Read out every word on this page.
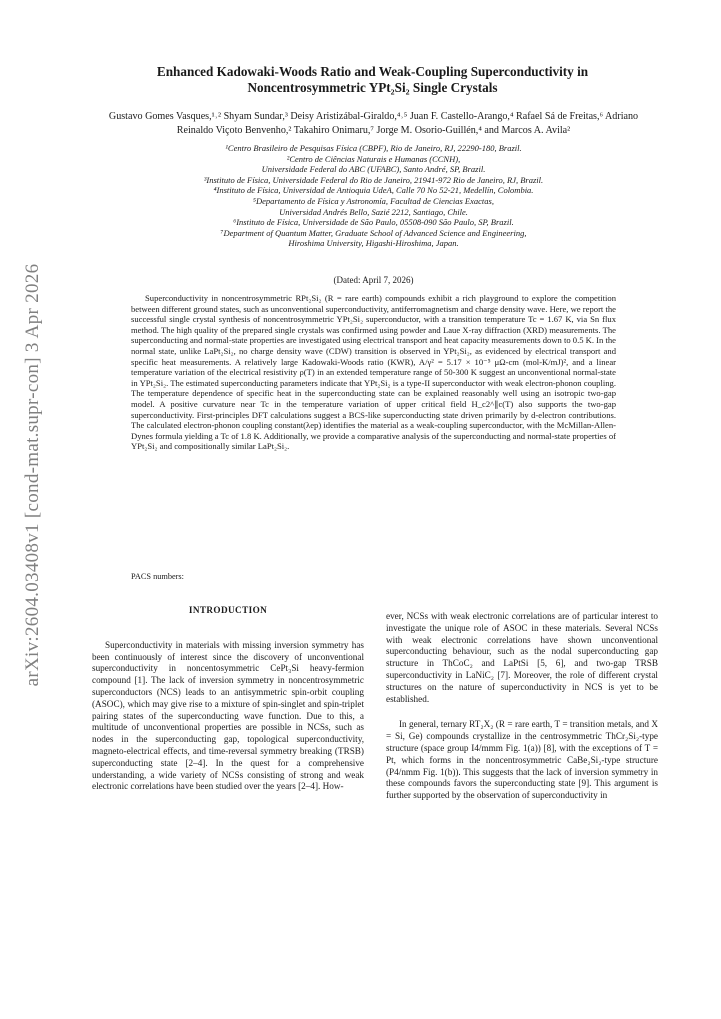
arXiv:2604.03408v1 [cond-mat.supr-con] 3 Apr 2026
Enhanced Kadowaki-Woods Ratio and Weak-Coupling Superconductivity in
Noncentrosymmetric YPt₂Si₂ Single Crystals
Gustavo Gomes Vasques,¹˒² Shyam Sundar,³ Deisy Aristizábal-Giraldo,⁴˒⁵ Juan F. Castello-Arango,⁴ Rafael Sá de Freitas,⁶ Adriano Reinaldo Viçoto Benvenho,² Takahiro Onimaru,⁷ Jorge M. Osorio-Guillén,⁴ and Marcos A. Avila²
¹Centro Brasileiro de Pesquisas Física (CBPF), Rio de Janeiro, RJ, 22290-180, Brazil.
²Centro de Ciências Naturais e Humanas (CCNH),
Universidade Federal do ABC (UFABC), Santo André, SP, Brazil.
³Instituto de Física, Universidade Federal do Rio de Janeiro, 21941-972 Rio de Janeiro, RJ, Brazil.
⁴Instituto de Física, Universidad de Antioquia UdeA, Calle 70 No 52-21, Medellín, Colombia.
⁵Departamento de Física y Astronomía, Facultad de Ciencias Exactas,
Universidad Andrés Bello, Sazié 2212, Santiago, Chile.
⁶Instituto de Física, Universidade de São Paulo, 05508-090 São Paulo, SP, Brazil.
⁷Department of Quantum Matter, Graduate School of Advanced Science and Engineering,
Hiroshima University, Higashi-Hiroshima, Japan.
(Dated: April 7, 2026)
Superconductivity in noncentrosymmetric RPt₂Si₂ (R = rare earth) compounds exhibit a rich playground to explore the competition between different ground states, such as unconventional superconductivity, antiferromagnetism and charge density wave. Here, we report the successful single crystal synthesis of noncentrosymmetric YPt₂Si₂ superconductor, with a transition temperature Tc = 1.67 K, via Sn flux method. The high quality of the prepared single crystals was confirmed using powder and Laue X-ray diffraction (XRD) measurements. The superconducting and normal-state properties are investigated using electrical transport and heat capacity measurements down to 0.5 K. In the normal state, unlike LaPt₂Si₂, no charge density wave (CDW) transition is observed in YPt₂Si₂, as evidenced by electrical transport and specific heat measurements. A relatively large Kadowaki-Woods ratio (KWR), A/γ² = 5.17 × 10⁻⁵ μΩ-cm (mol-K/mJ)², and a linear temperature variation of the electrical resistivity ρ(T) in an extended temperature range of 50-300 K suggest an unconventional normal-state in YPt₂Si₂. The estimated superconducting parameters indicate that YPt₂Si₂ is a type-II superconductor with weak electron-phonon coupling. The temperature dependence of specific heat in the superconducting state can be explained reasonably well using an isotropic two-gap model. A positive curvature near Tc in the temperature variation of upper critical field H_c2^∥c(T) also supports the two-gap superconductivity. First-principles DFT calculations suggest a BCS-like superconducting state driven primarily by d-electron contributions. The calculated electron-phonon coupling constant(λep) identifies the material as a weak-coupling superconductor, with the McMillan-Allen-Dynes formula yielding a Tc of 1.8 K. Additionally, we provide a comparative analysis of the superconducting and normal-state properties of YPt₂Si₂ and compositionally similar LaPt₂Si₂.
PACS numbers:
INTRODUCTION

Superconductivity in materials with missing inversion symmetry has been continuously of interest since the discovery of unconventional superconductivity in noncentosymmetric CePt₃Si heavy-fermion compound [1]. The lack of inversion symmetry in noncentrosymmetric superconductors (NCS) leads to an antisymmetric spin-orbit coupling (ASOC), which may give rise to a mixture of spin-singlet and spin-triplet pairing states of the superconducting wave function. Due to this, a multitude of unconventional properties are possible in NCSs, such as nodes in the superconducting gap, topological superconductivity, magneto-electrical effects, and time-reversal symmetry breaking (TRSB) superconducting state [2–4]. In the quest for a comprehensive understanding, a wide variety of NCSs consisting of strong and weak electronic correlations have been studied over the years [2–4]. How-

ever, NCSs with weak electronic correlations are of particular interest to investigate the unique role of ASOC in these materials. Several NCSs with weak electronic correlations have shown unconventional superconducting behaviour, such as the nodal superconducting gap structure in ThCoC₂ and LaPtSi [5, 6], and two-gap TRSB superconductivity in LaNiC₂ [7]. Moreover, the role of different crystal structures on the nature of superconductivity in NCS is yet to be established.

In general, ternary RT₂X₂ (R = rare earth, T = transition metals, and X = Si, Ge) compounds crystallize in the centrosymmetric ThCr₂Si₂-type structure (space group I4/mmm Fig. 1(a)) [8], with the exceptions of T = Pt, which forms in the noncentrosymmetric CaBe₂Si₂-type structure (P4/nmm Fig. 1(b)). This suggests that the lack of inversion symmetry in these compounds favors the superconducting state [9]. This argument is further supported by the observation of superconductivity in
